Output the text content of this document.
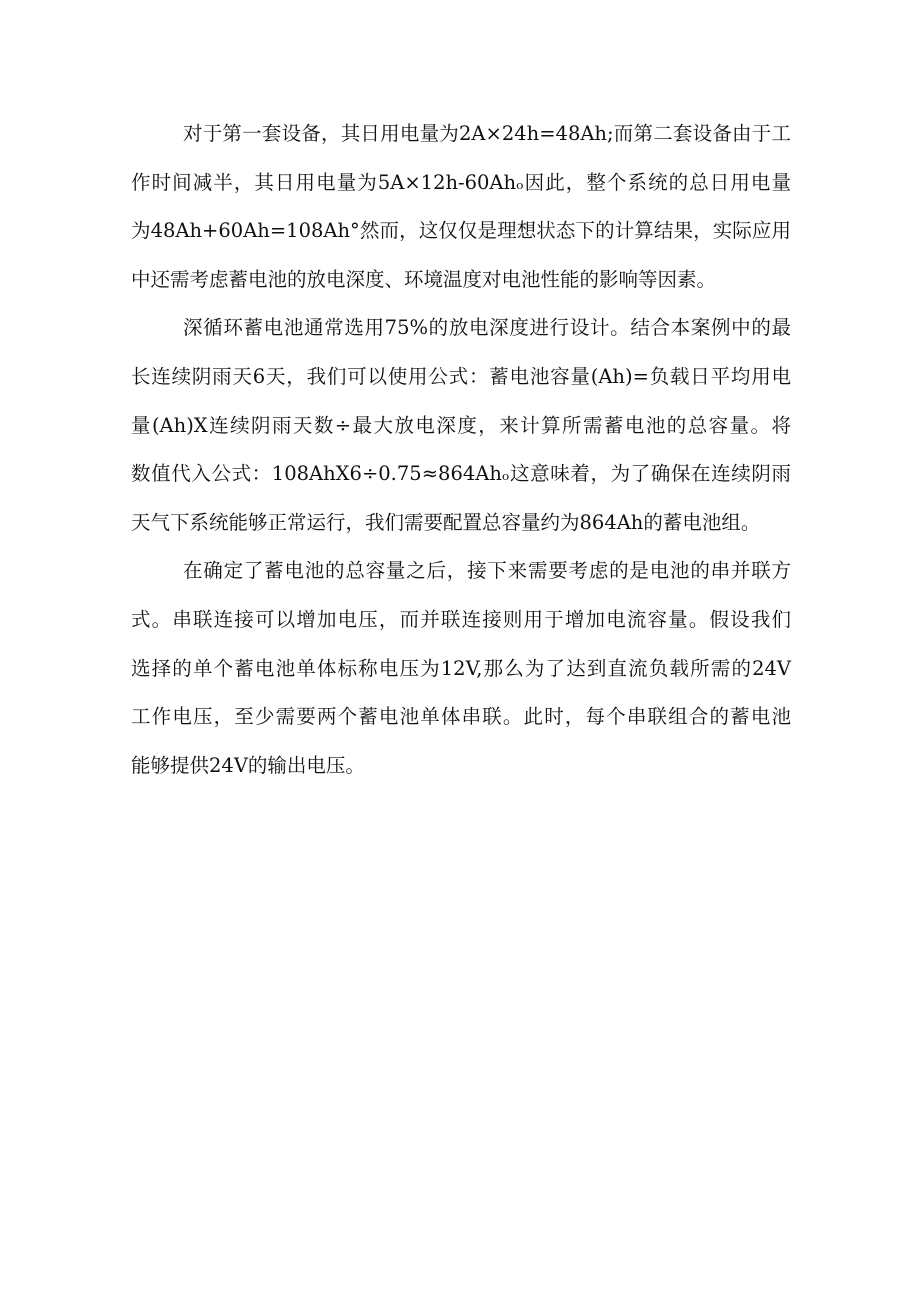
对于第一套设备，其日用电量为2A×24h=48Ah;而第二套设备由于工
作时间减半，其日用电量为5A×12h-60Ahₒ因此，整个系统的总日用电量
为48Ah+60Ah=108Ah°然而，这仅仅是理想状态下的计算结果，实际应用
中还需考虑蓄电池的放电深度、环境温度对电池性能的影响等因素。
深循环蓄电池通常选用75%的放电深度进行设计。结合本案例中的最
长连续阴雨天6天，我们可以使用公式：蓄电池容量(Ah)=负载日平均用电
量(Ah)X连续阴雨天数÷最大放电深度，来计算所需蓄电池的总容量。将
数值代入公式：108AhX6÷0.75≈864Ahₒ这意味着，为了确保在连续阴雨
天气下系统能够正常运行，我们需要配置总容量约为864Ah的蓄电池组。
在确定了蓄电池的总容量之后，接下来需要考虑的是电池的串并联方
式。串联连接可以增加电压，而并联连接则用于增加电流容量。假设我们
选择的单个蓄电池单体标称电压为12V,那么为了达到直流负载所需的24V
工作电压，至少需要两个蓄电池单体串联。此时，每个串联组合的蓄电池
能够提供24V的输出电压。
